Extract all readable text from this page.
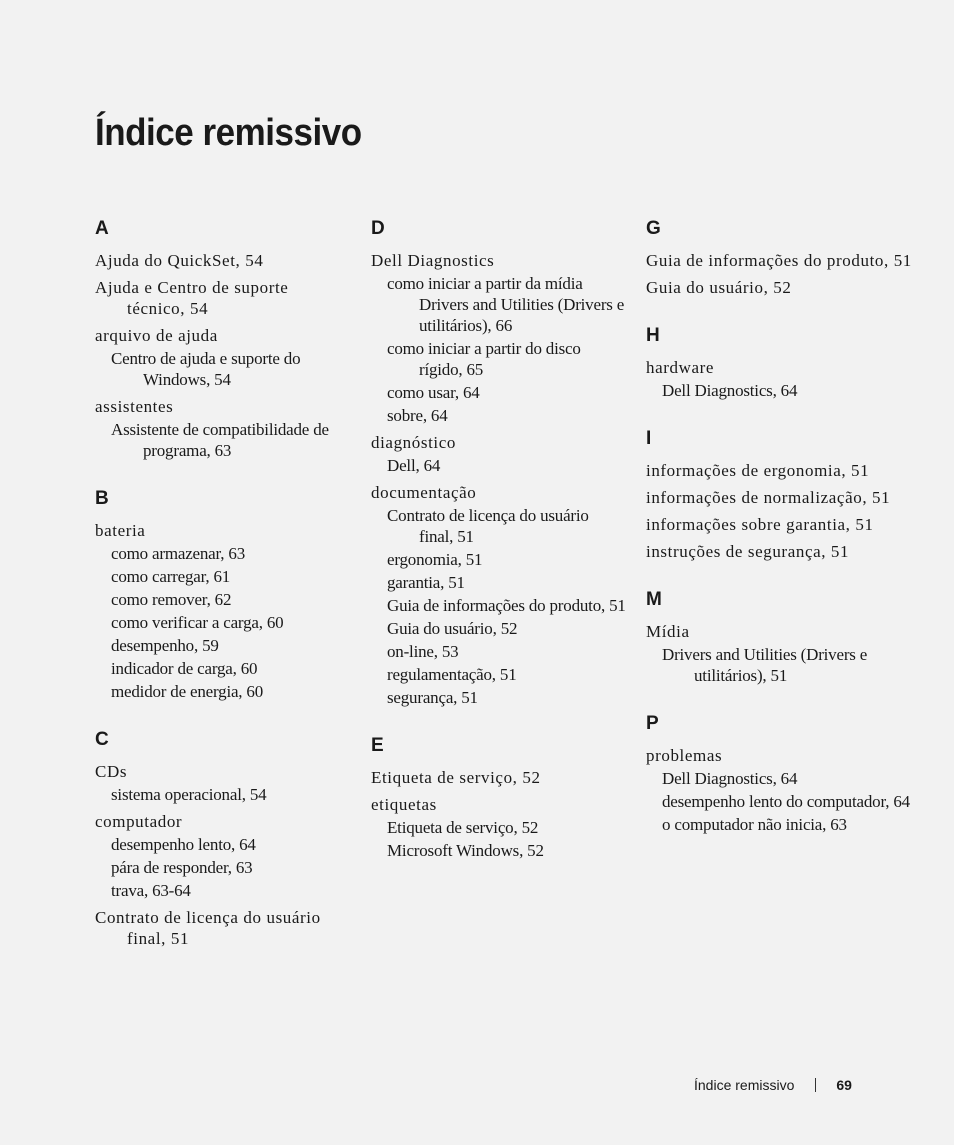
Índice remissivo
A
Ajuda do QuickSet, 54
Ajuda e Centro de suporte técnico, 54
arquivo de ajuda
Centro de ajuda e suporte do Windows, 54
assistentes
Assistente de compatibilidade de programa, 63
B
bateria
como armazenar, 63
como carregar, 61
como remover, 62
como verificar a carga, 60
desempenho, 59
indicador de carga, 60
medidor de energia, 60
C
CDs
sistema operacional, 54
computador
desempenho lento, 64
pára de responder, 63
trava, 63-64
Contrato de licença do usuário final, 51
D
Dell Diagnostics
como iniciar a partir da mídia Drivers and Utilities (Drivers e utilitários), 66
como iniciar a partir do disco rígido, 65
como usar, 64
sobre, 64
diagnóstico
Dell, 64
documentação
Contrato de licença do usuário final, 51
ergonomia, 51
garantia, 51
Guia de informações do produto, 51
Guia do usuário, 52
on-line, 53
regulamentação, 51
segurança, 51
E
Etiqueta de serviço, 52
etiquetas
Etiqueta de serviço, 52
Microsoft Windows, 52
G
Guia de informações do produto, 51
Guia do usuário, 52
H
hardware
Dell Diagnostics, 64
I
informações de ergonomia, 51
informações de normalização, 51
informações sobre garantia, 51
instruções de segurança, 51
M
Mídia
Drivers and Utilities (Drivers e utilitários), 51
P
problemas
Dell Diagnostics, 64
desempenho lento do computador, 64
o computador não inicia, 63
Índice remissivo	69
